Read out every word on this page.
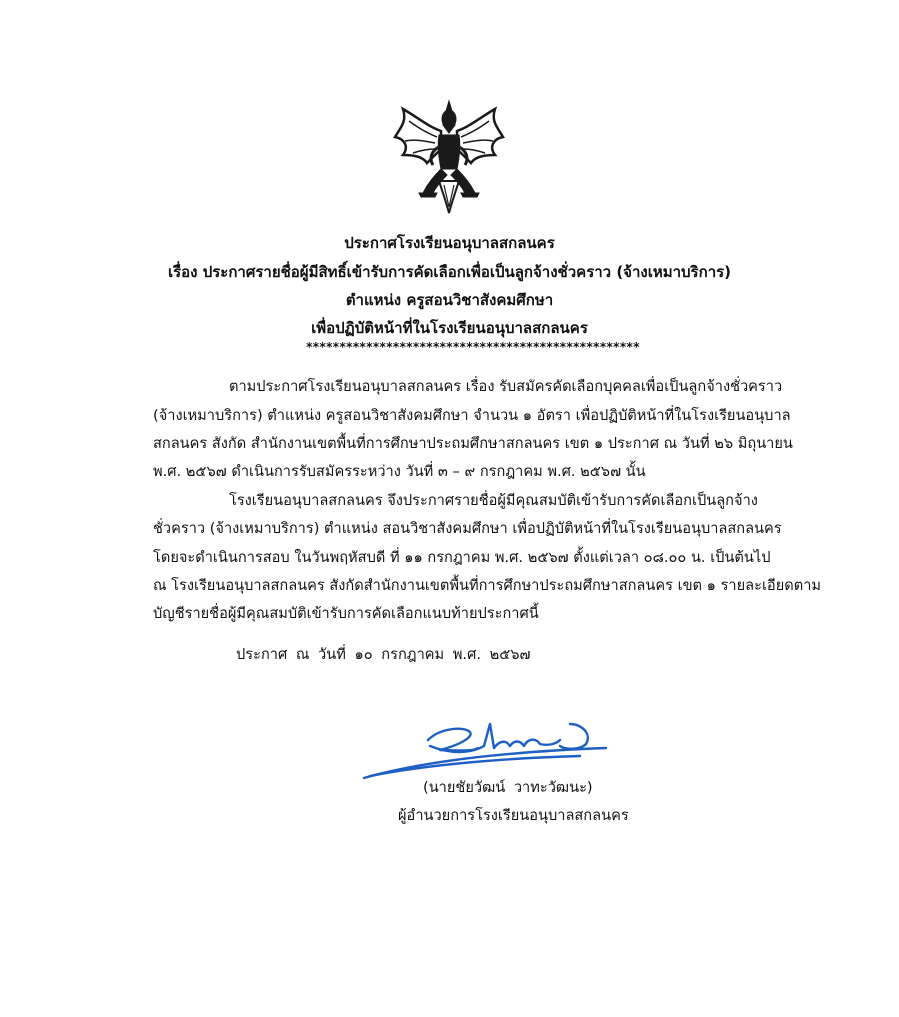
ประกาศโรงเรียนอนุบาลสกลนคร
เรื่อง ประกาศรายชื่อผู้มีสิทธิ์เข้ารับการคัดเลือกเพื่อเป็นลูกจ้างชั่วคราว (จ้างเหมาบริการ)
ตำแหน่ง ครูสอนวิชาสังคมศึกษา
เพื่อปฏิบัติหน้าที่ในโรงเรียนอนุบาลสกลนคร
**************************************************
ตามประกาศโรงเรียนอนุบาลสกลนคร เรื่อง รับสมัครคัดเลือกบุคคลเพื่อเป็นลูกจ้างชั่วคราว
(จ้างเหมาบริการ) ตำแหน่ง ครูสอนวิชาสังคมศึกษา จำนวน ๑ อัตรา เพื่อปฏิบัติหน้าที่ในโรงเรียนอนุบาล
สกลนคร สังกัด สำนักงานเขตพื้นที่การศึกษาประถมศึกษาสกลนคร เขต ๑ ประกาศ ณ วันที่ ๒๖ มิถุนายน
พ.ศ. ๒๕๖๗ ดำเนินการรับสมัครระหว่าง วันที่ ๓ – ๙ กรกฎาคม พ.ศ. ๒๕๖๗ นั้น
โรงเรียนอนุบาลสกลนคร จึงประกาศรายชื่อผู้มีคุณสมบัติเข้ารับการคัดเลือกเป็นลูกจ้าง
ชั่วคราว (จ้างเหมาบริการ) ตำแหน่ง สอนวิชาสังคมศึกษา เพื่อปฏิบัติหน้าที่ในโรงเรียนอนุบาลสกลนคร
โดยจะดำเนินการสอบ ในวันพฤหัสบดี ที่ ๑๑ กรกฎาคม พ.ศ. ๒๕๖๗ ตั้งแต่เวลา ๐๘.๐๐ น. เป็นต้นไป
ณ โรงเรียนอนุบาลสกลนคร สังกัดสำนักงานเขตพื้นที่การศึกษาประถมศึกษาสกลนคร เขต ๑ รายละเอียดตาม
บัญชีรายชื่อผู้มีคุณสมบัติเข้ารับการคัดเลือกแนบท้ายประกาศนี้
ประกาศ ณ วันที่ ๑๐ กรกฎาคม พ.ศ. ๒๕๖๗
(นายชัยวัฒน์ วาทะวัฒนะ)
ผู้อำนวยการโรงเรียนอนุบาลสกลนคร
